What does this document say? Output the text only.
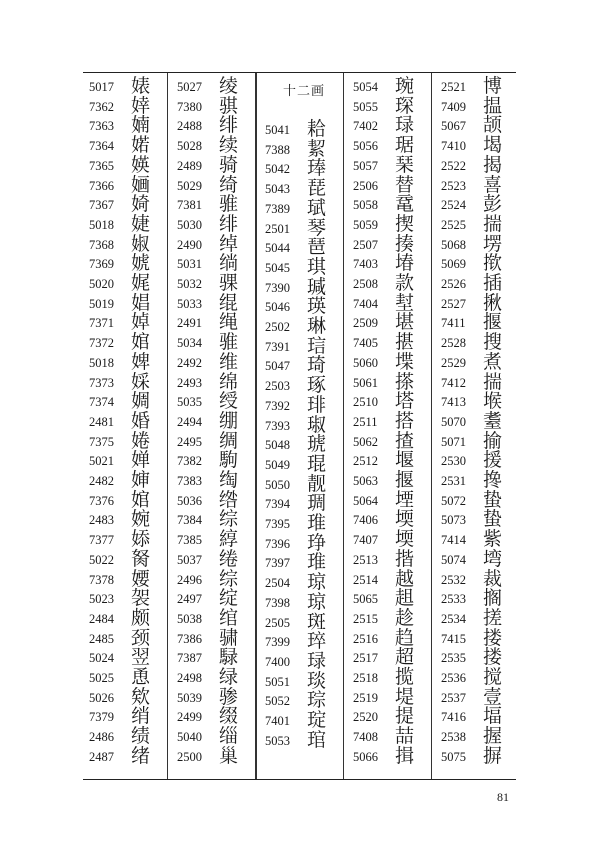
十二画
5017 婊
7362 婞
7363 婻
7364 婼
7365 媖
7366 婳
7367 婍
5018 婕
7368 婌
7369 婋
5020 娓
5019 娼
7371 婥
7372 婠
5018 婢
7373 婇
7374 婤
2481 婚
7375 婘
5021 婵
2482 婶
7376 婠
2483 婉
7377 婖
5022 胬
7378 婹
5023 袈
2484 颇
2485 颈
5024 翌
5025 恿
5026 欸
7379 绡
2486 绩
2487 绪
5027 绫
7380 骐
2488 绯
5028 续
2489 骑
5029 绮
7381 骓
5030 绯
2490 绰
5031 绱
5032 骒
5033 绲
2491 绳
5034 骓
2492 维
2493 绵
5035 绶
2494 绷
2495 绸
7382 駒
7383 绹
5036 绺
7384 综
7385 綧
5037 绻
2496 综
2497 绽
5038 绾
7386 骕
7387 騄
2498 绿
5039 骖
2499 缀
5040 缁
2500 巢
5041 耠
7388 絜
5042 琫
5043 琵
7389 珷
2501 琴
5044 琶
5045 琪
7390 瑊
5046 瑛
2502 琳
7391 琂
5047 琦
2503 琢
7392 琲
7393 琡
5048 琥
5049 琨
5050 靓
7394 琱
7395 琟
7396 琤
7397 琟
2504 琼
7398 琼
2505 斑
7399 琗
7400 琭
5051 琰
5052 琮
7401 琔
5053 琯
5054 琬
5055 琛
7402 琭
5056 琚
5057 琹
2506 替
5058 鼋
5059 揳
2507 揍
7403 堾
2508 款
7404 堼
2509 堪
7405 揕
5060 堞
5061 搽
2510 塔
2511 搭
5062 揸
2512 堰
5063 揠
5064 堙
7406 堧
7407 堧
2513 揩
2514 越
5065 趄
2515 趁
2516 趋
2517 超
2518 揽
2519 堤
2520 提
7408 喆
5066 揖
2521 博
7409 揾
5067 颉
7410 堨
2522 揭
2523 喜
2524 彭
2525 揣
5068 塄
5069 揿
2526 插
2527 揪
7411 揠
2528 搜
2529 煮
7412 揣
7413 堠
5070 耋
5071 揄
2530 援
2531 搀
5072 蛰
5073 蛰
7414 紫
5074 塆
2532 裁
2533 搁
2534 搓
7415 搂
2535 搂
2536 搅
2537 壹
7416 堛
2538 握
5075 摒
81
